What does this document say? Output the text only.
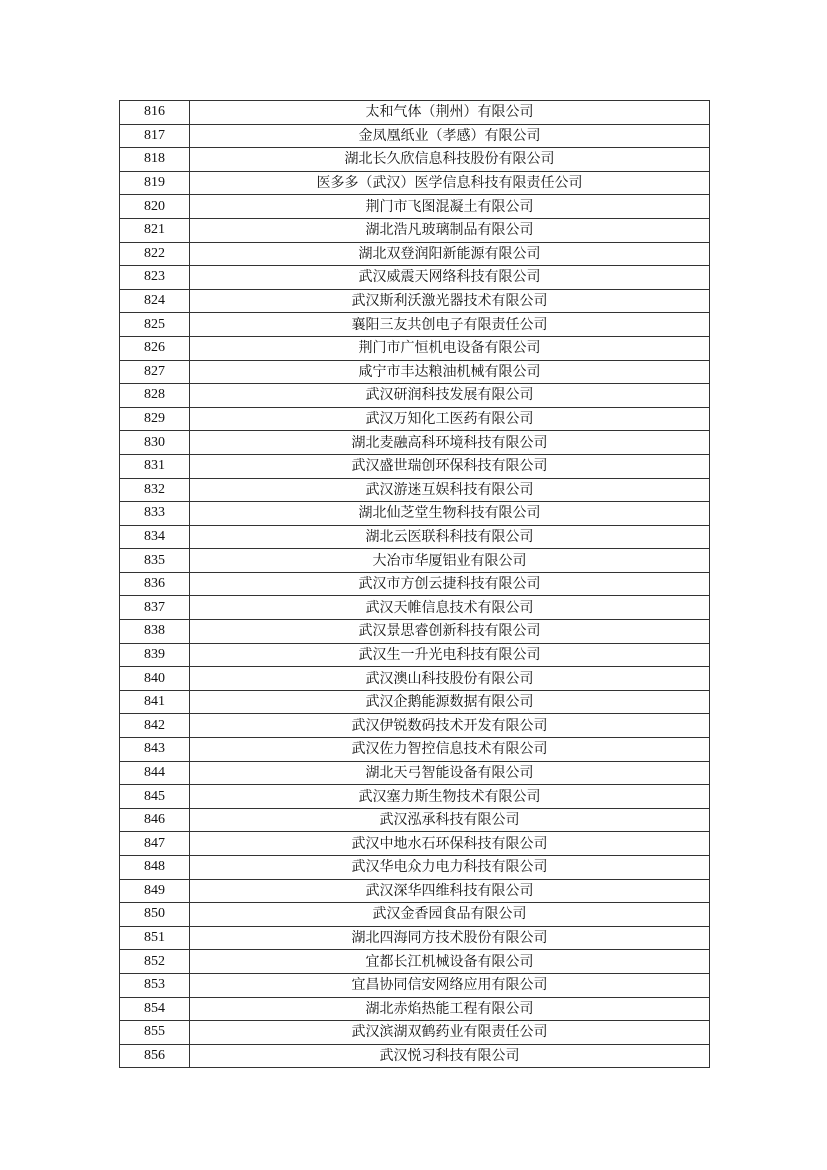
816	太和气体（荆州）有限公司
817	金凤凰纸业（孝感）有限公司
818	湖北长久欣信息科技股份有限公司
819	医多多（武汉）医学信息科技有限责任公司
820	荆门市飞图混凝土有限公司
821	湖北浩凡玻璃制品有限公司
822	湖北双登润阳新能源有限公司
823	武汉威震天网络科技有限公司
824	武汉斯利沃激光器技术有限公司
825	襄阳三友共创电子有限责任公司
826	荆门市广恒机电设备有限公司
827	咸宁市丰达粮油机械有限公司
828	武汉研润科技发展有限公司
829	武汉万知化工医药有限公司
830	湖北麦融高科环境科技有限公司
831	武汉盛世瑞创环保科技有限公司
832	武汉游迷互娱科技有限公司
833	湖北仙芝堂生物科技有限公司
834	湖北云医联科科技有限公司
835	大冶市华厦铝业有限公司
836	武汉市方创云捷科技有限公司
837	武汉天帷信息技术有限公司
838	武汉景思睿创新科技有限公司
839	武汉生一升光电科技有限公司
840	武汉澳山科技股份有限公司
841	武汉企鹅能源数据有限公司
842	武汉伊锐数码技术开发有限公司
843	武汉佐力智控信息技术有限公司
844	湖北天弓智能设备有限公司
845	武汉塞力斯生物技术有限公司
846	武汉泓承科技有限公司
847	武汉中地水石环保科技有限公司
848	武汉华电众力电力科技有限公司
849	武汉深华四维科技有限公司
850	武汉金香园食品有限公司
851	湖北四海同方技术股份有限公司
852	宜都长江机械设备有限公司
853	宜昌协同信安网络应用有限公司
854	湖北赤焰热能工程有限公司
855	武汉滨湖双鹤药业有限责任公司
856	武汉悦习科技有限公司
